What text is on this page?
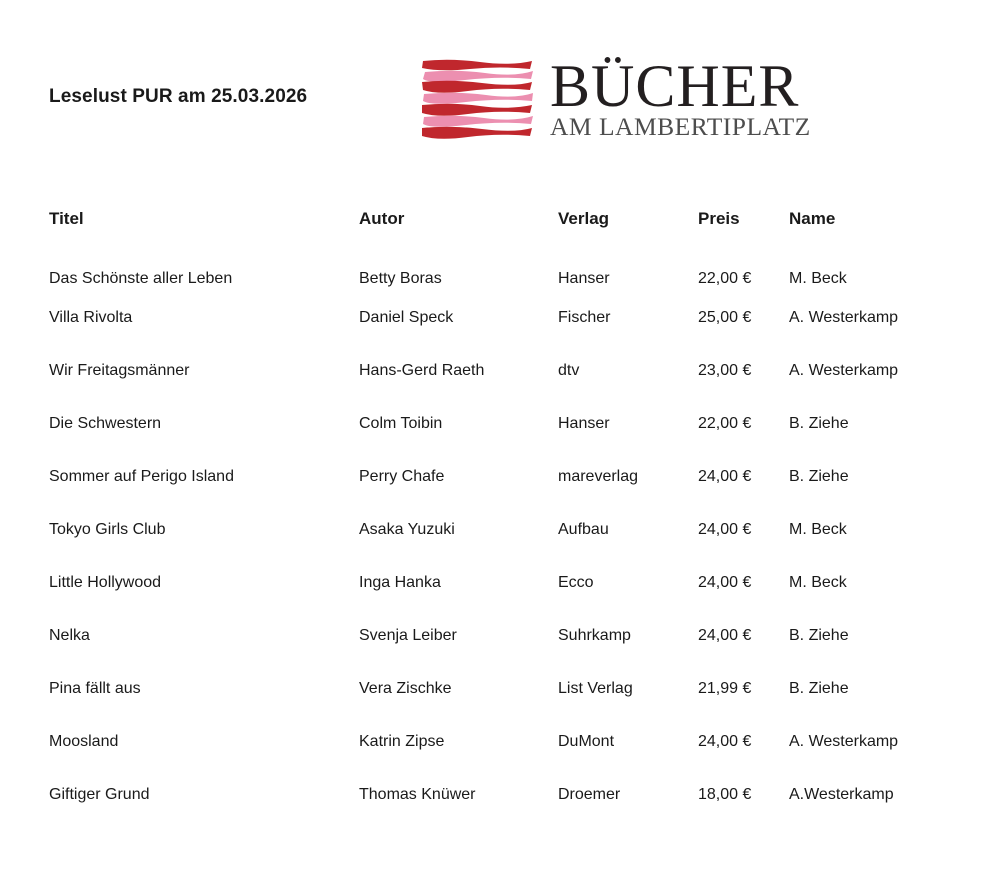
Leselust PUR am 25.03.2026	BÜCHER
AM LAMBERTIPLATZ
Titel	Autor	Verlag	Preis	Name
Das Schönste aller Leben	Betty Boras	Hanser	22,00 €	M. Beck
Villa Rivolta	Daniel Speck	Fischer	25,00 €	A. Westerkamp
Wir Freitagsmänner	Hans-Gerd Raeth	dtv	23,00 €	A. Westerkamp
Die Schwestern	Colm Toibin	Hanser	22,00 €	B. Ziehe
Sommer auf Perigo Island	Perry Chafe	mareverlag	24,00 €	B. Ziehe
Tokyo Girls Club	Asaka Yuzuki	Aufbau	24,00 €	M. Beck
Little Hollywood	Inga Hanka	Ecco	24,00 €	M. Beck
Nelka	Svenja Leiber	Suhrkamp	24,00 €	B. Ziehe
Pina fällt aus	Vera Zischke	List Verlag	21,99 €	B. Ziehe
Moosland	Katrin Zipse	DuMont	24,00 €	A. Westerkamp
Giftiger Grund	Thomas Knüwer	Droemer	18,00 €	A.Westerkamp
